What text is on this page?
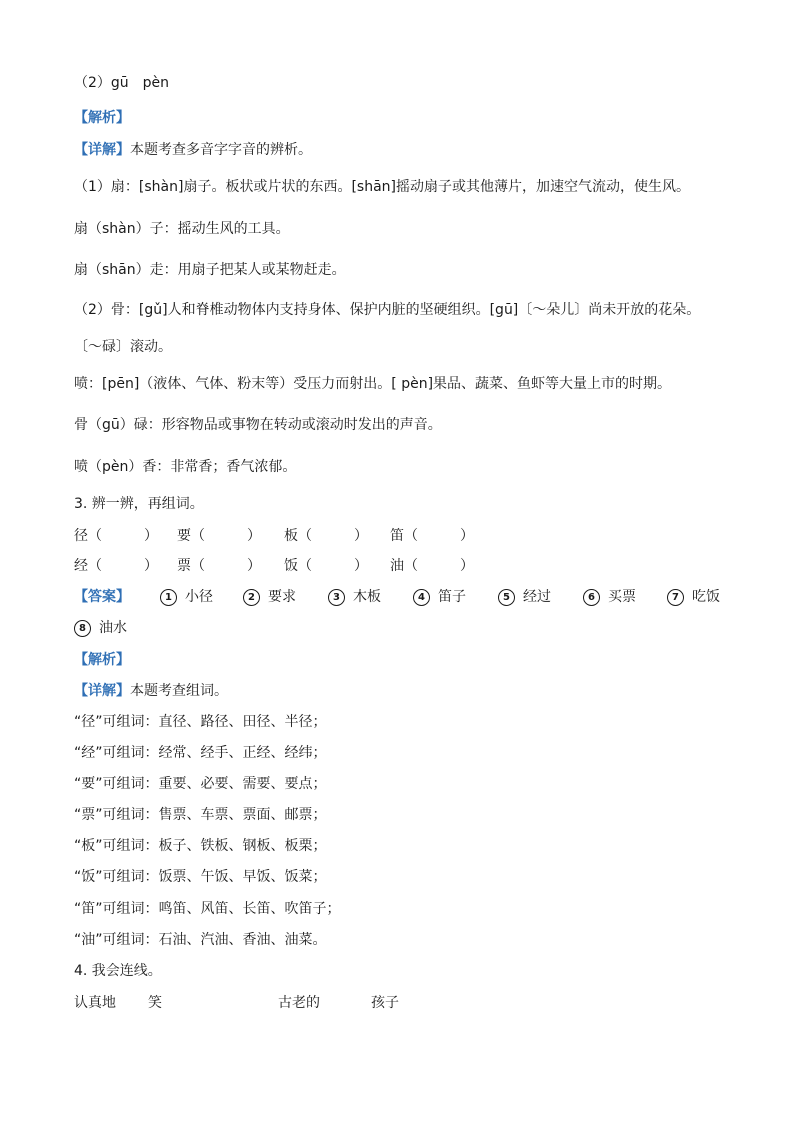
（2）gū　pèn
【解析】
【详解】本题考查多音字字音的辨析。
（1）扇：[shàn]扇子。板状或片状的东西。[shān]摇动扇子或其他薄片，加速空气流动，使生风。
扇（shàn）子：摇动生风的工具。
扇（shān）走：用扇子把某人或某物赶走。
（2）骨：[gǔ]人和脊椎动物体内支持身体、保护内脏的坚硬组织。[gū]〔～朵儿〕尚未开放的花朵。
〔～碌〕滚动。
喷：[pēn]（液体、气体、粉末等）受压力而射出。[ pèn]果品、蔬菜、鱼虾等大量上市的时期。
骨（gū）碌：形容物品或事物在转动或滚动时发出的声音。
喷（pèn）香：非常香；香气浓郁。
3. 辨一辨，再组词。
径（　　　） 要（　　　） 板（　　　） 笛（　　　）
经（　　　） 票（　　　） 饭（　　　） 油（　　　）
【答案】	1 小径	2 要求	3 木板	4 笛子	5 经过	6 买票	7 吃饭
8 油水
【解析】
【详解】本题考查组词。
“径”可组词：直径、路径、田径、半径；
“经”可组词：经常、经手、正经、经纬；
“要”可组词：重要、必要、需要、要点；
“票”可组词：售票、车票、票面、邮票；
“板”可组词：板子、铁板、钢板、板栗；
“饭”可组词：饭票、午饭、早饭、饭菜；
“笛”可组词：鸣笛、风笛、长笛、吹笛子；
“油”可组词：石油、汽油、香油、油菜。
4. 我会连线。
认真地 笑	古老的	孩子
